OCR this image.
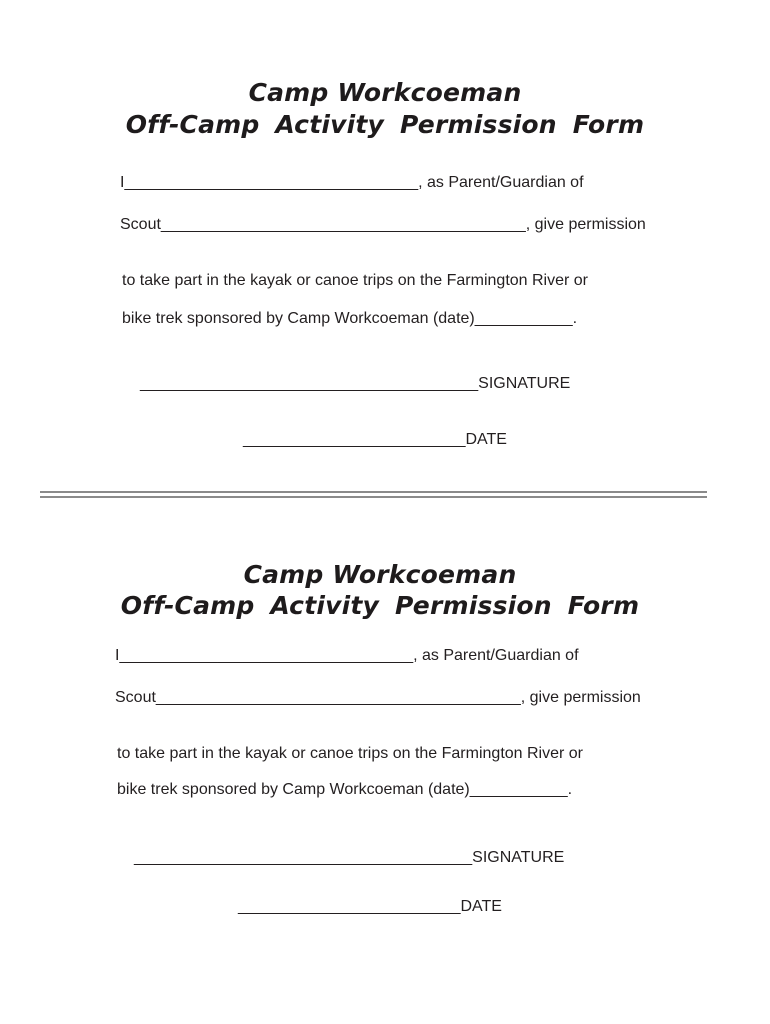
Camp Workcoeman
Off-Camp Activity Permission Form
I_________________________________, as Parent/Guardian of
Scout_________________________________________, give permission
to take part in the kayak or canoe trips on the Farmington River or
bike trek sponsored by Camp Workcoeman (date)___________.
______________________________________SIGNATURE
_________________________DATE
Camp Workcoeman
Off-Camp Activity Permission Form
I_________________________________, as Parent/Guardian of
Scout_________________________________________, give permission
to take part in the kayak or canoe trips on the Farmington River or
bike trek sponsored by Camp Workcoeman (date)___________.
______________________________________SIGNATURE
_________________________DATE
